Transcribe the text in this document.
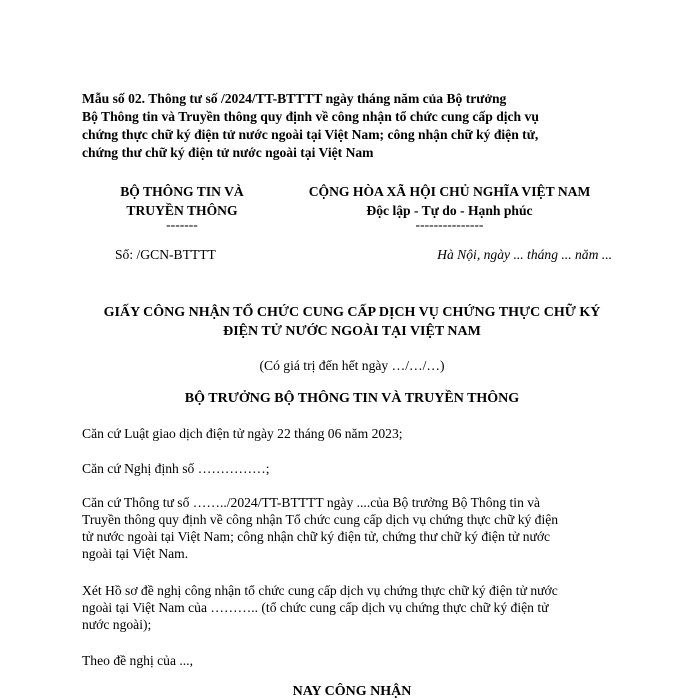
Mẫu số 02. Thông tư số /2024/TT-BTTTT ngày tháng năm của Bộ trưởng
Bộ Thông tin và Truyền thông quy định về công nhận tổ chức cung cấp dịch vụ
chứng thực chữ ký điện tử nước ngoài tại Việt Nam; công nhận chữ ký điện tử,
chứng thư chữ ký điện tử nước ngoài tại Việt Nam
BỘ THÔNG TIN VÀ
TRUYỀN THÔNG
-------
CỘNG HÒA XÃ HỘI CHỦ NGHĨA VIỆT NAM
Độc lập - Tự do - Hạnh phúc
---------------
Số: /GCN-BTTTT	Hà Nội, ngày ... tháng ... năm ...
GIẤY CÔNG NHẬN TỔ CHỨC CUNG CẤP DỊCH VỤ CHỨNG THỰC CHỮ KÝ
ĐIỆN TỬ NƯỚC NGOÀI TẠI VIỆT NAM
(Có giá trị đến hết ngày …/…/…)
BỘ TRƯỞNG BỘ THÔNG TIN VÀ TRUYỀN THÔNG
Căn cứ Luật giao dịch điện tử ngày 22 tháng 06 năm 2023;
Căn cứ Nghị định số ……………;
Căn cứ Thông tư số ……../2024/TT-BTTTT ngày ....của Bộ trưởng Bộ Thông tin và
Truyền thông quy định về công nhận Tổ chức cung cấp dịch vụ chứng thực chữ ký điện
tử nước ngoài tại Việt Nam; công nhận chữ ký điện tử, chứng thư chữ ký điện tử nước
ngoài tại Việt Nam.
Xét Hồ sơ đề nghị công nhận tổ chức cung cấp dịch vụ chứng thực chữ ký điện tử nước
ngoài tại Việt Nam của ……….. (tổ chức cung cấp dịch vụ chứng thực chữ ký điện tử
nước ngoài);
Theo đề nghị của ...,
NAY CÔNG NHẬN
